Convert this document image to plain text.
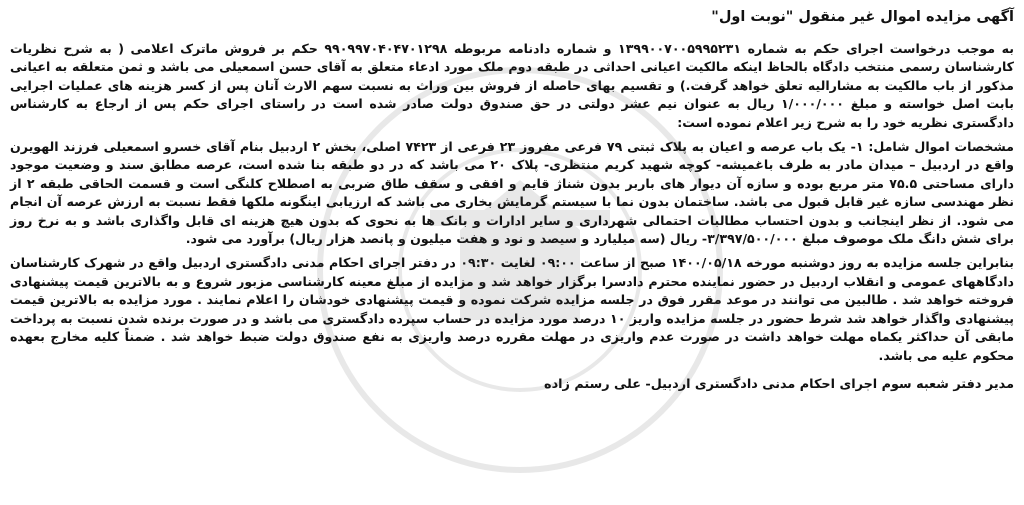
آگهی مزایده اموال غیر منقول "نوبت اول"

به موجب درخواست اجرای حکم به شماره ۱۳۹۹۰۰۷۰۰۵۹۹۵۲۳۱ و شماره دادنامه مربوطه ۹۹۰۹۹۷۰۴۰۴۷۰۱۲۹۸ حکم بر فروش ماترک اعلامی ( به شرح نظریات کارشناسان رسمی منتخب دادگاه بالحاظ اینکه مالکیت اعیانی احداثی در طبقه دوم ملک مورد ادعاء متعلق به آقای حسن اسمعیلی می باشد و ثمن متعلقه به اعیانی مذکور از باب مالکیت به مشارالیه تعلق خواهد گرفت.) و تقسیم بهای حاصله از فروش بین وراث به نسبت سهم الارث آنان پس از کسر هزینه های عملیات اجرایی بابت اصل خواسته و مبلغ ۱/۰۰۰/۰۰۰ ریال به عنوان نیم عشر دولتی در حق صندوق دولت صادر شده است در راستای اجرای حکم پس از ارجاع به کارشناس دادگستری نظریه خود را به شرح زیر اعلام نموده است:

مشخصات اموال شامل: ۱- یک باب عرصه و اعیان به پلاک ثبتی ۷۹ فرعی مفروز ۲۳ فرعی از ۷۴۲۳ اصلی، بخش ۲ اردبیل بنام آقای خسرو اسمعیلی فرزند الهویرن واقع در اردبیل – میدان مادر به طرف باغمیشه- کوچه شهید کریم منتظری- پلاک ۲۰ می باشد که در دو طبقه بنا شده است، عرصه مطابق سند و وضعیت موجود دارای مساحتی ۷۵.۵ متر مربع بوده و سازه آن دیوار های باربر بدون شناژ قایم و افقی و سقف طاق ضربی به اصطلاح کلنگی است و قسمت الحاقی طبقه ۲ از نظر مهندسی سازه غیر قابل قبول می باشد. ساختمان بدون نما با سیستم گرمایش بخاری می باشد که ارزیابی اینگونه ملکها فقط نسبت به ارزش عرصه آن انجام می شود. از نظر اینجانب و بدون احتساب مطالبات احتمالی شهرداری و سایر ادارات و بانک ها به نحوی که بدون هیچ هزینه ای قابل واگذاری باشد و به نرخ روز برای شش دانگ ملک موصوف مبلغ ۳/۳۹۷/۵۰۰/۰۰۰- ریال (سه میلیارد و سیصد و نود و هفت میلیون و پانصد هزار ریال) برآورد می شود.

بنابراین جلسه مزایده به روز دوشنبه مورخه ۱۴۰۰/۰۵/۱۸ صبح از ساعت ۰۹:۰۰ لغایت ۰۹:۳۰ در دفتر اجرای احکام مدنی دادگستری اردبیل واقع در شهرک کارشناسان دادگاههای عمومی و انقلاب اردبیل در حضور نماینده محترم دادسرا برگزار خواهد شد و مزایده از مبلغ معینه کارشناسی مزبور شروع و به بالاترین قیمت پیشنهادی فروخته خواهد شد . طالبین می توانند در موعد مقرر فوق در جلسه مزایده شرکت نموده و قیمت پیشنهادی خودشان را اعلام نمایند . مورد مزایده به بالاترین قیمت پیشنهادی واگذار خواهد شد شرط حضور در جلسه مزایده واریز ۱۰ درصد مورد مزایده در حساب سپرده دادگستری می باشد و در صورت برنده شدن نسبت به پرداخت مابقی آن حداکثر یکماه مهلت خواهد داشت در صورت عدم واریزی در مهلت مقرره درصد واریزی به نفع صندوق دولت ضبط خواهد شد . ضمناً کلیه مخارج بعهده محکوم علیه می باشد.

مدیر دفتر شعبه سوم اجرای احکام مدنی دادگستری اردبیل- علی رستم زاده
